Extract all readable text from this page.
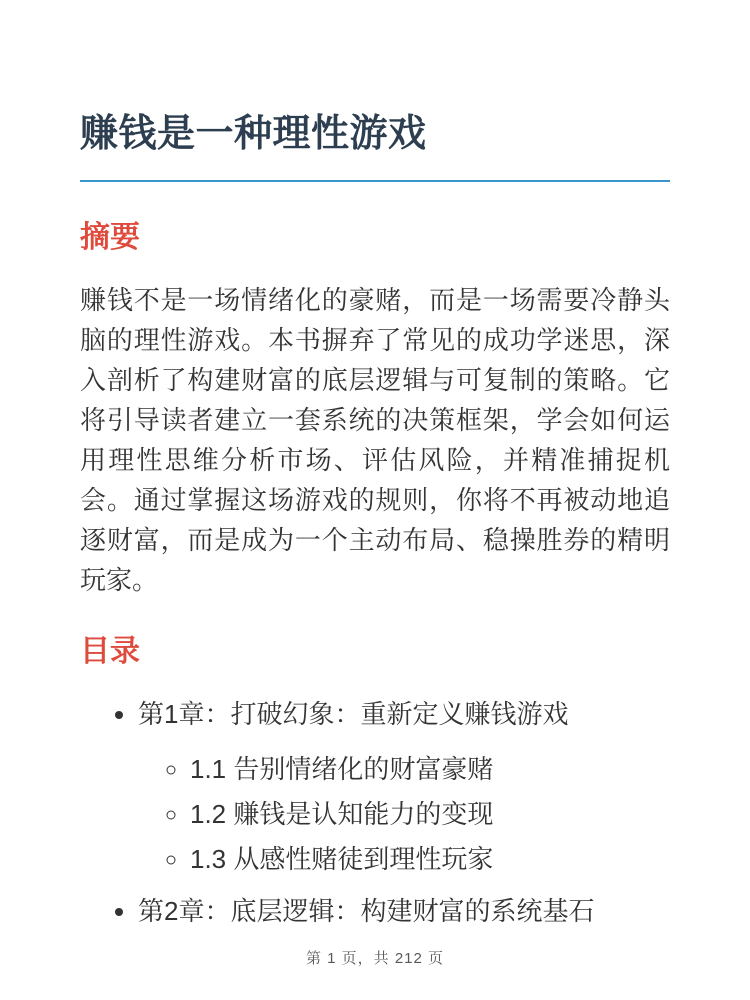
赚钱是一种理性游戏
摘要

赚钱不是一场情绪化的豪赌，而是一场需要冷静头脑的理性游戏。本书摒弃了常见的成功学迷思，深入剖析了构建财富的底层逻辑与可复制的策略。它将引导读者建立一套系统的决策框架，学会如何运用理性思维分析市场、评估风险，并精准捕捉机会。通过掌握这场游戏的规则，你将不再被动地追逐财富，而是成为一个主动布局、稳操胜券的精明玩家。

目录
• 第1章：打破幻象：重新定义赚钱游戏
◦ 1.1 告别情绪化的财富豪赌
◦ 1.2 赚钱是认知能力的变现
◦ 1.3 从感性赌徒到理性玩家
• 第2章：底层逻辑：构建财富的系统基石
第 1 页，共 212 页
